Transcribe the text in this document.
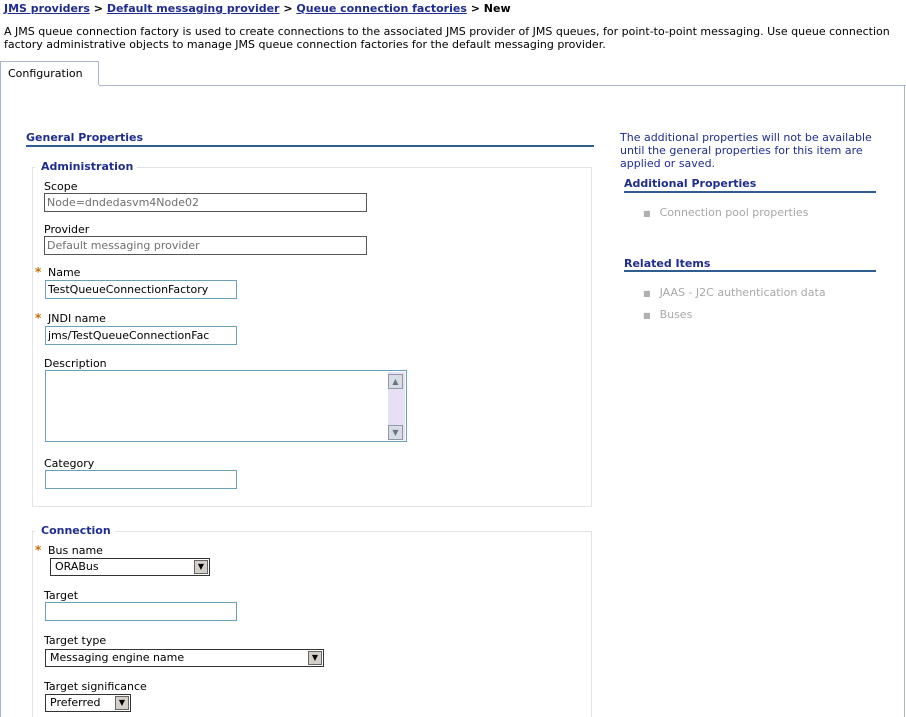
JMS providers > Default messaging provider > Queue connection factories > New
A JMS queue connection factory is used to create connections to the associated JMS provider of JMS queues, for point-to-point messaging. Use queue connection factory administrative objects to manage JMS queue connection factories for the default messaging provider.
Configuration
General Properties
Administration
Scope
Node=dndedasvm4Node02
Provider
Default messaging provider
* Name
TestQueueConnectionFactory
* JNDI name
jms/TestQueueConnectionFac
Description
▲
▼
Category
Connection
* Bus name
ORABus	▼
Target
Target type
Messaging engine name	▼
Target significance
Preferred	▼
The additional properties will not be available until the general properties for this item are applied or saved.
Additional Properties
■ Connection pool properties
Related Items
■ JAAS - J2C authentication data
■ Buses
